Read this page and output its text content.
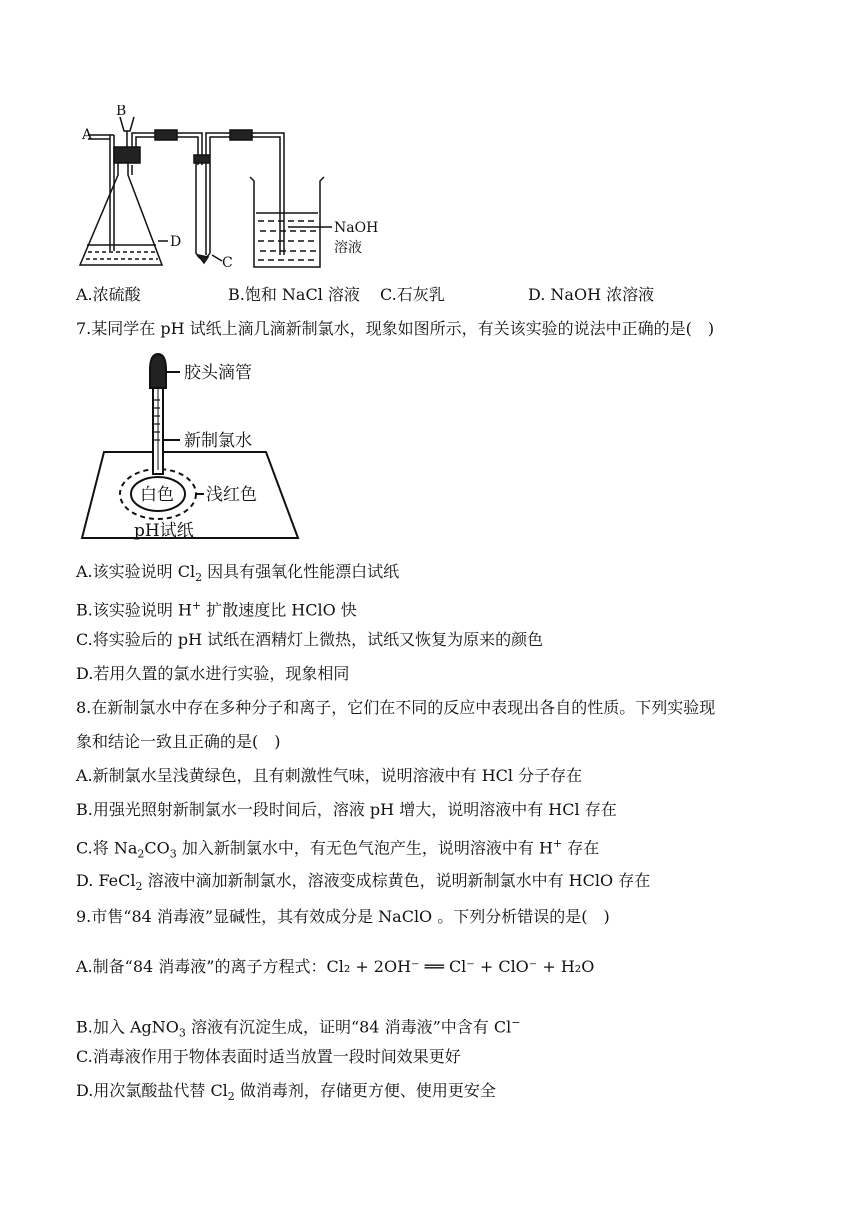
A
B
C
D
NaOH
溶液
A.浓硫酸	B.饱和 NaCl 溶液 C.石灰乳	D. NaOH 浓溶液
7.某同学在 pH 试纸上滴几滴新制氯水，现象如图所示，有关该实验的说法中正确的是(　)
胶头滴管
新制氯水
白色 浅红色
pH试纸
A.该实验说明 $Cl_2$ 因具有强氧化性能漂白试纸
B.该实验说明 H+ 扩散速度比 HClO 快
C.将实验后的 pH 试纸在酒精灯上微热，试纸又恢复为原来的颜色
D.若用久置的氯水进行实验，现象相同
8.在新制氯水中存在多种分子和离子，它们在不同的反应中表现出各自的性质。下列实验现
象和结论一致且正确的是(　)
A.新制氯水呈浅黄绿色，且有刺激性气味，说明溶液中有 HCl 分子存在
B.用强光照射新制氯水一段时间后，溶液 pH 增大，说明溶液中有 HCl 存在
C.将 $Na_2CO_3$ 加入新制氯水中，有无色气泡产生，说明溶液中有 H+ 存在
D. FeCl$_2$ 溶液中滴加新制氯水，溶液变成棕黄色，说明新制氯水中有 HClO 存在
9.市售“84 消毒液”显碱性，其有效成分是 NaClO 。下列分析错误的是(　)
A.制备“84 消毒液”的离子方程式：Cl₂ + 2OH⁻ ══ Cl⁻ + ClO⁻ + H₂O
B.加入 AgNO$_3$ 溶液有沉淀生成，证明“84 消毒液”中含有 Cl−
C.消毒液作用于物体表面时适当放置一段时间效果更好
D.用次氯酸盐代替 $Cl_2$ 做消毒剂，存储更方便、使用更安全
